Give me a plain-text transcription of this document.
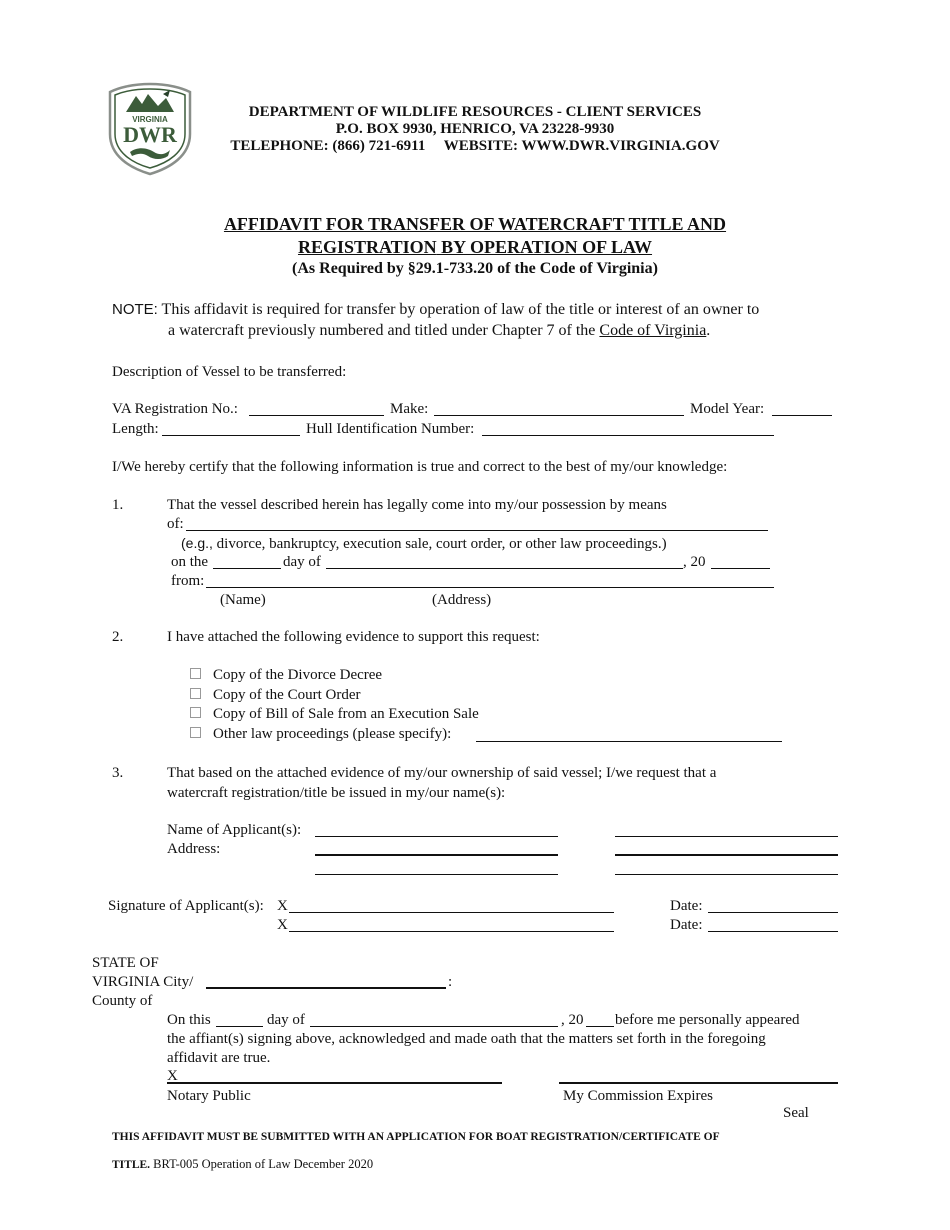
VIRGINIA
DWR
DEPARTMENT OF WILDLIFE RESOURCES - CLIENT SERVICES
P.O. BOX 9930, HENRICO, VA 23228-9930
TELEPHONE: (866) 721-6911     WEBSITE: WWW.DWR.VIRGINIA.GOV
AFFIDAVIT FOR TRANSFER OF WATERCRAFT TITLE AND
REGISTRATION BY OPERATION OF LAW
(As Required by §29.1-733.20 of the Code of Virginia)
NOTE: This affidavit is required for transfer by operation of law of the title or interest of an owner to
a watercraft previously numbered and titled under Chapter 7 of the Code of Virginia.
Description of Vessel to be transferred:
VA Registration No.:	Make:	Model Year:
Length:	Hull Identification Number:
I/We hereby certify that the following information is true and correct to the best of my/our knowledge:
1.	That the vessel described herein has legally come into my/our possession by means
of:
(e.g., divorce, bankruptcy, execution sale, court order, or other law proceedings.)
on the	day of	, 20
from:
(Name)	(Address)
2.	I have attached the following evidence to support this request:
Copy of the Divorce Decree
Copy of the Court Order
Copy of Bill of Sale from an Execution Sale
Other law proceedings (please specify):
3.	That based on the attached evidence of my/our ownership of said vessel; I/we request that a
watercraft registration/title be issued in my/our name(s):
Name of Applicant(s):
Address:
Signature of Applicant(s): X	Date:
X	Date:
STATE OF
VIRGINIA City/	:
County of
On this	day of	, 20 before me personally appeared
the affiant(s) signing above, acknowledged and made oath that the matters set forth in the foregoing
affidavit are true.
X
Notary Public	My Commission Expires
Seal
THIS AFFIDAVIT MUST BE SUBMITTED WITH AN APPLICATION FOR BOAT REGISTRATION/CERTIFICATE OF
TITLE. BRT-005 Operation of Law December 2020
